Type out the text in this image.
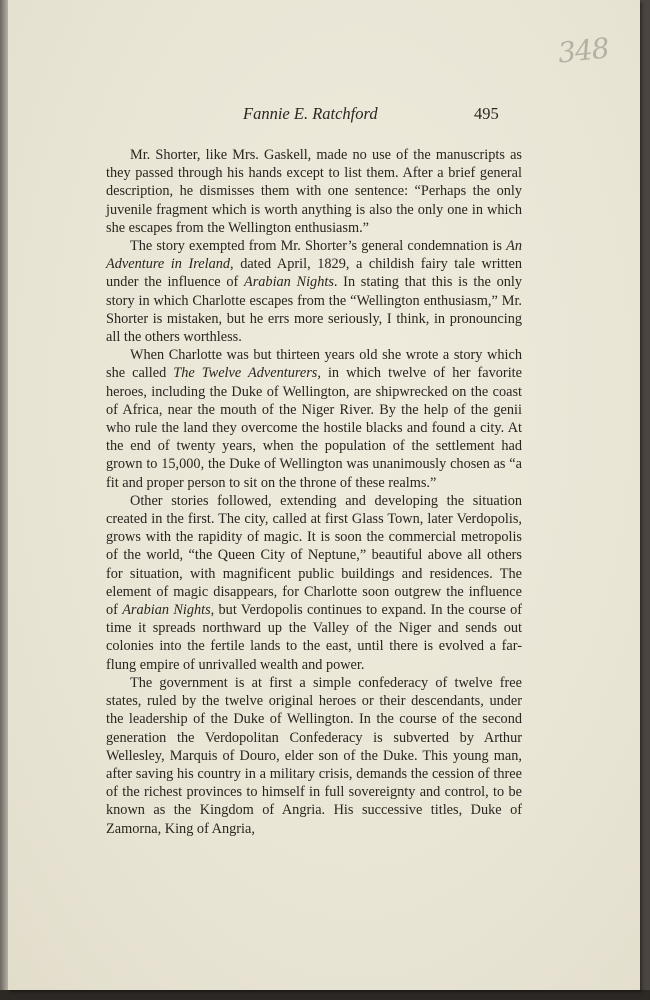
348
Fannie E. Ratchford	495

Mr. Shorter, like Mrs. Gaskell, made no use of the manuscripts as they passed through his hands except to list them. After a brief general description, he dismisses them with one sentence: “Perhaps the only juvenile fragment which is worth anything is also the only one in which she escapes from the Wellington enthusiasm.”

The story exempted from Mr. Shorter’s general condemnation is An Adventure in Ireland, dated April, 1829, a childish fairy tale written under the influence of Arabian Nights. In stating that this is the only story in which Charlotte escapes from the “Wellington enthusiasm,” Mr. Shorter is mistaken, but he errs more seriously, I think, in pronouncing all the others worthless.

When Charlotte was but thirteen years old she wrote a story which she called The Twelve Adventurers, in which twelve of her favorite heroes, including the Duke of Wellington, are shipwrecked on the coast of Africa, near the mouth of the Niger River. By the help of the genii who rule the land they overcome the hostile blacks and found a city. At the end of twenty years, when the population of the settlement had grown to 15,000, the Duke of Wellington was unanimously chosen as “a fit and proper person to sit on the throne of these realms.”

Other stories followed, extending and developing the situation created in the first. The city, called at first Glass Town, later Verdopolis, grows with the rapidity of magic. It is soon the commercial metropolis of the world, “the Queen City of Neptune,” beautiful above all others for situation, with magnificent public buildings and residences. The element of magic disappears, for Charlotte soon outgrew the influence of Arabian Nights, but Verdopolis continues to expand. In the course of time it spreads northward up the Valley of the Niger and sends out colonies into the fertile lands to the east, until there is evolved a far-flung empire of unrivalled wealth and power.

The government is at first a simple confederacy of twelve free states, ruled by the twelve original heroes or their descendants, under the leadership of the Duke of Wellington. In the course of the second generation the Verdopolitan Confederacy is subverted by Arthur Wellesley, Marquis of Douro, elder son of the Duke. This young man, after saving his country in a military crisis, demands the cession of three of the richest provinces to himself in full sovereignty and control, to be known as the Kingdom of Angria. His successive titles, Duke of Zamorna, King of Angria,
